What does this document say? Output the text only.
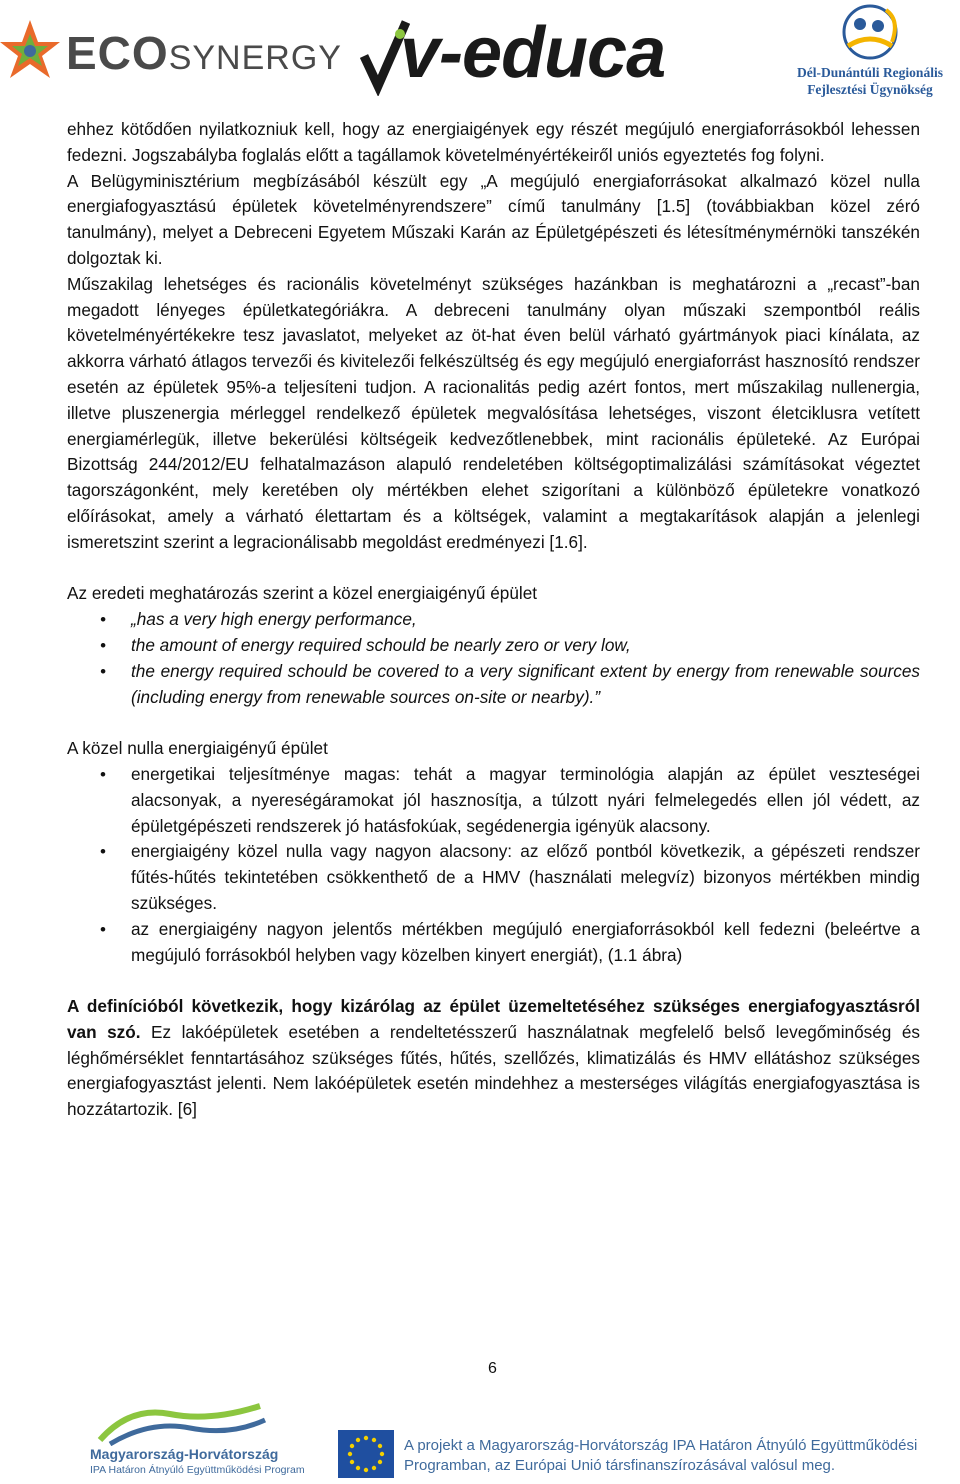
ECOSYNERGY v-educa	Dél-Dunántúli Regionális
Fejlesztési Ügynökség

ehhez kötődően nyilatkozniuk kell, hogy az energiaigények egy részét megújuló energiaforrásokból lehessen fedezni. Jogszabályba foglalás előtt a tagállamok követelményértékeiről uniós egyeztetés fog folyni.

A Belügyminisztérium megbízásából készült egy „A megújuló energiaforrásokat alkalmazó közel nulla energiafogyasztású épületek követelményrendszere” című tanulmány [1.5] (továbbiakban közel zéró tanulmány), melyet a Debreceni Egyetem Műszaki Karán az Épületgépészeti és létesítménymérnöki tanszékén dolgoztak ki.

Műszakilag lehetséges és racionális követelményt szükséges hazánkban is meghatározni a „recast”-ban megadott lényeges épületkategóriákra. A debreceni tanulmány olyan műszaki szempontból reális követelményértékekre tesz javaslatot, melyeket az öt-hat éven belül várható gyártmányok piaci kínálata, az akkorra várható átlagos tervezői és kivitelezői felkészültség és egy megújuló energiaforrást hasznosító rendszer esetén az épületek 95%-a teljesíteni tudjon. A racionalitás pedig azért fontos, mert műszakilag nullenergia, illetve pluszenergia mérleggel rendelkező épületek megvalósítása lehetséges, viszont életciklusra vetített energiamérlegük, illetve bekerülési költségeik kedvezőtlenebbek, mint racionális épületeké. Az Európai Bizottság 244/2012/EU felhatalmazáson alapuló rendeletében költségoptimalizálási számításokat végeztet tagországonként, mely keretében oly mértékben elehet szigorítani a különböző épületekre vonatkozó előírásokat, amely a várható élettartam és a költségek, valamint a megtakarítások alapján a jelenlegi ismeretszint szerint a legracionálisabb megoldást eredményezi [1.6].

Az eredeti meghatározás szerint a közel energiaigényű épület

• „has a very high energy performance,
• the amount of energy required schould be nearly zero or very low,
• the energy required schould be covered to a very significant extent by energy from renewable sources (including energy from renewable sources on-site or nearby).”

A közel nulla energiaigényű épület

• energetikai teljesítménye magas: tehát a magyar terminológia alapján az épület veszteségei alacsonyak, a nyereségáramokat jól hasznosítja, a túlzott nyári felmelegedés ellen jól védett, az épületgépészeti rendszerek jó hatásfokúak, segédenergia igényük alacsony.
• energiaigény közel nulla vagy nagyon alacsony: az előző pontból következik, a gépészeti rendszer fűtés-hűtés tekintetében csökkenthető de a HMV (használati melegvíz) bizonyos mértékben mindig szükséges.
• az energiaigény nagyon jelentős mértékben megújuló energiaforrásokból kell fedezni (beleértve a megújuló forrásokból helyben vagy közelben kinyert energiát), (1.1 ábra)

A definícióból következik, hogy kizárólag az épület üzemeltetéséhez szükséges energiafogyasztásról van szó. Ez lakóépületek esetében a rendeltetésszerű használatnak megfelelő belső levegőminőség és léghőmérséklet fenntartásához szükséges fűtés, hűtés, szellőzés, klimatizálás és HMV ellátáshoz szükséges energiafogyasztást jelenti. Nem lakóépületek esetén mindehhez a mesterséges világítás energiafogyasztása is hozzátartozik. [6]

6
Magyarország-Horvátország
IPA Határon Átnyúló Együttműködési Program
A projekt a Magyarország-Horvátország IPA Határon Átnyúló Együttműködési
Programban, az Európai Unió társfinanszírozásával valósul meg.
